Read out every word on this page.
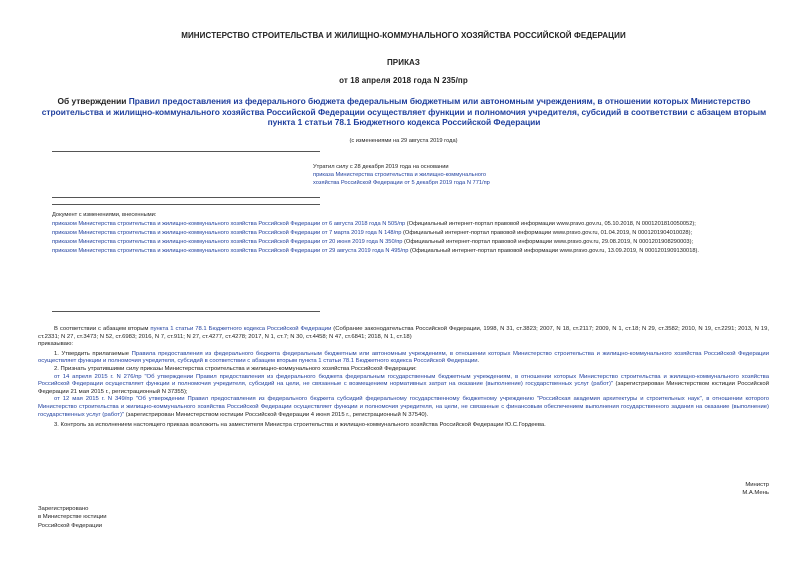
МИНИСТЕРСТВО СТРОИТЕЛЬСТВА И ЖИЛИЩНО-КОММУНАЛЬНОГО ХОЗЯЙСТВА РОССИЙСКОЙ ФЕДЕРАЦИИ
ПРИКАЗ
от 18 апреля 2018 года N 235/пр
Об утверждении Правил предоставления из федерального бюджета федеральным бюджетным или автономным учреждениям, в отношении которых Министерство строительства и жилищно-коммунального хозяйства Российской Федерации осуществляет функции и полномочия учредителя, субсидий в соответствии с абзацем вторым пункта 1 статьи 78.1 Бюджетного кодекса Российской Федерации
(с изменениями на 29 августа 2019 года)
Утратил силу с 28 декабря 2019 года на основании
приказа Министерства строительства и жилищно-коммунального
хозяйства Российской Федерации от 5 декабря 2019 года N 771/пр
Документ с изменениями, внесенными:
приказом Министерства строительства и жилищно-коммунального хозяйства Российской Федерации от 6 августа 2018 года N 505/пр (Официальный интернет-портал правовой информации www.pravo.gov.ru, 05.10.2018, N 0001201810050052);
приказом Министерства строительства и жилищно-коммунального хозяйства Российской Федерации от 7 марта 2019 года N 148/пр (Официальный интернет-портал правовой информации www.pravo.gov.ru, 01.04.2019, N 0001201904010028);
приказом Министерства строительства и жилищно-коммунального хозяйства Российской Федерации от 20 июня 2019 года N 350/пр (Официальный интернет-портал правовой информации www.pravo.gov.ru, 29.08.2019, N 0001201908290003);
приказом Министерства строительства и жилищно-коммунального хозяйства Российской Федерации от 29 августа 2019 года N 495/пр (Официальный интернет-портал правовой информации www.pravo.gov.ru, 13.09.2019, N 0001201909130018).

В соответствии с абзацем вторым пункта 1 статьи 78.1 Бюджетного кодекса Российской Федерации (Собрание законодательства Российской Федерации, 1998, N 31, ст.3823; 2007, N 18, ст.2117; 2009, N 1, ст.18; N 29, ст.3582; 2010, N 19, ст.2291; 2013, N 19, ст.2331; N 27, ст.3473; N 52, ст.6983; 2016, N 7, ст.911; N 27, ст.4277, ст.4278; 2017, N 1, ст.7; N 30, ст.4458; N 47, ст.6841; 2018, N 1, ст.18)

приказываю:

1. Утвердить прилагаемые Правила предоставления из федерального бюджета федеральным бюджетным или автономным учреждениям, в отношении которых Министерство строительства и жилищно-коммунального хозяйства Российской Федерации осуществляет функции и полномочия учредителя, субсидий в соответствии с абзацем вторым пункта 1 статьи 78.1 Бюджетного кодекса Российской Федерации.

2. Признать утратившими силу приказы Министерства строительства и жилищно-коммунального хозяйства Российской Федерации:

от 14 апреля 2015 г. N 276/пр "Об утверждении Правил предоставления из федерального бюджета федеральным государственным бюджетным учреждениям, в отношении которых Министерство строительства и жилищно-коммунального хозяйства Российской Федерации осуществляет функции и полномочия учредителя, субсидий на цели, не связанные с возмещением нормативных затрат на оказание (выполнение) государственных услуг (работ)" (зарегистрирован Министерством юстиции Российской Федерации 21 мая 2015 г., регистрационный N 37355);

от 12 мая 2015 г. N 349/пр "Об утверждении Правил предоставления из федерального бюджета субсидий федеральному государственному бюджетному учреждению "Российская академия архитектуры и строительных наук", в отношении которого Министерство строительства и жилищно-коммунального хозяйства Российской Федерации осуществляет функции и полномочия учредителя, на цели, не связанные с финансовым обеспечением выполнения государственного задания на оказание (выполнение) государственных услуг (работ)" (зарегистрирован Министерством юстиции Российской Федерации 4 июня 2015 г., регистрационный N 37540).

3. Контроль за исполнением настоящего приказа возложить на заместителя Министра строительства и жилищно-коммунального хозяйства Российской Федерации Ю.С.Гордеева.

Министр
М.А.Мень
Зарегистрировано
в Министерстве юстиции
Российской Федерации
